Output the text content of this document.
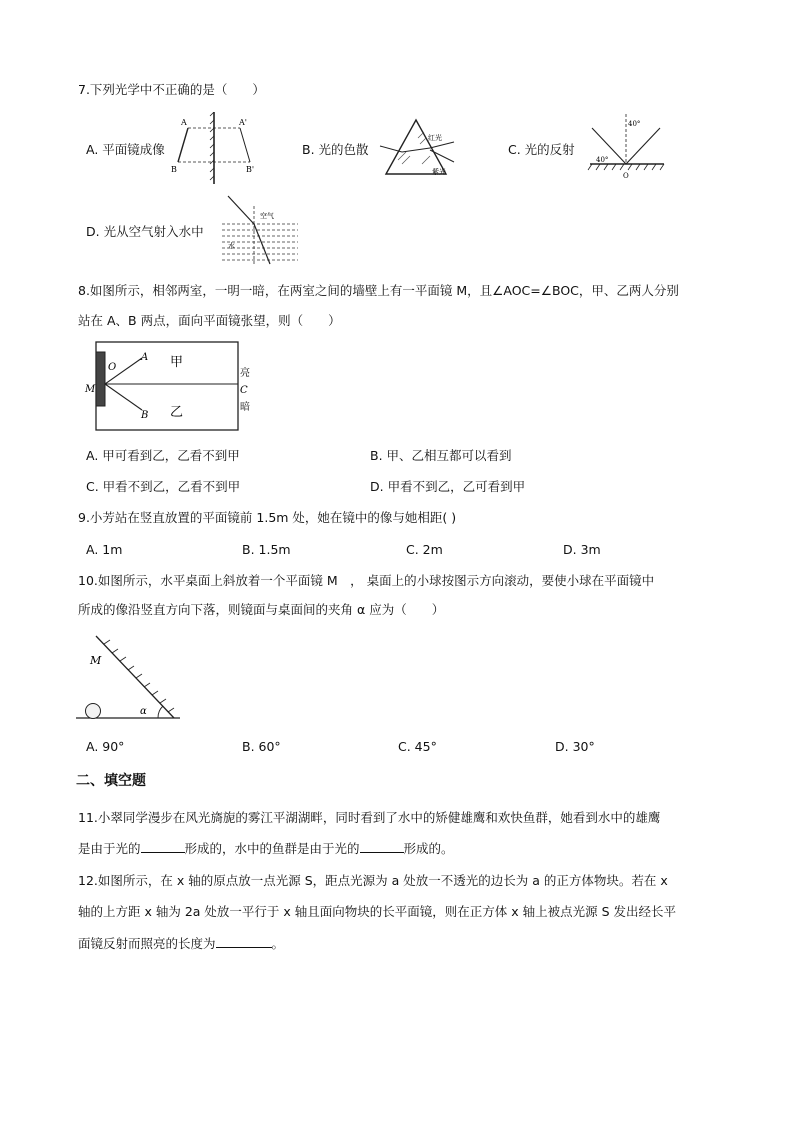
7.下列光学中不正确的是（　　）
A. 平面镜成像
A	A'
B	B'
B. 光的色散
红光
紫光
C. 光的反射
40°
40°
O
D. 光从空气射入水中
空气
水
8.如图所示，相邻两室，一明一暗，在两室之间的墙壁上有一平面镜 M，且∠AOC=∠BOC，甲、乙两人分别
站在 A、B 两点，面向平面镜张望，则（　　）
O
M
A
B
甲
乙
亮
C
暗
A. 甲可看到乙，乙看不到甲	B. 甲、乙相互都可以看到
C. 甲看不到乙，乙看不到甲	D. 甲看不到乙，乙可看到甲
9.小芳站在竖直放置的平面镜前 1.5m 处，她在镜中的像与她相距( )
A. 1m	B. 1.5m	C. 2m	D. 3m
10.如图所示，水平桌面上斜放着一个平面镜 M　， 桌面上的小球按图示方向滚动，要使小球在平面镜中
所成的像沿竖直方向下落，则镜面与桌面间的夹角 α 应为（　　）
M
α
A. 90°	B. 60°	C. 45°	D. 30°
二、填空题
11.小翠同学漫步在风光旖旎的雾江平湖湖畔，同时看到了水中的矫健雄鹰和欢快鱼群，她看到水中的雄鹰
是由于光的	形成的，水中的鱼群是由于光的	形成的。
12.如图所示，在 x 轴的原点放一点光源 S，距点光源为 a 处放一不透光的边长为 a 的正方体物块。若在 x
轴的上方距 x 轴为 2a 处放一平行于 x 轴且面向物块的长平面镜，则在正方体 x 轴上被点光源 S 发出经长平
面镜反射而照亮的长度为	。
